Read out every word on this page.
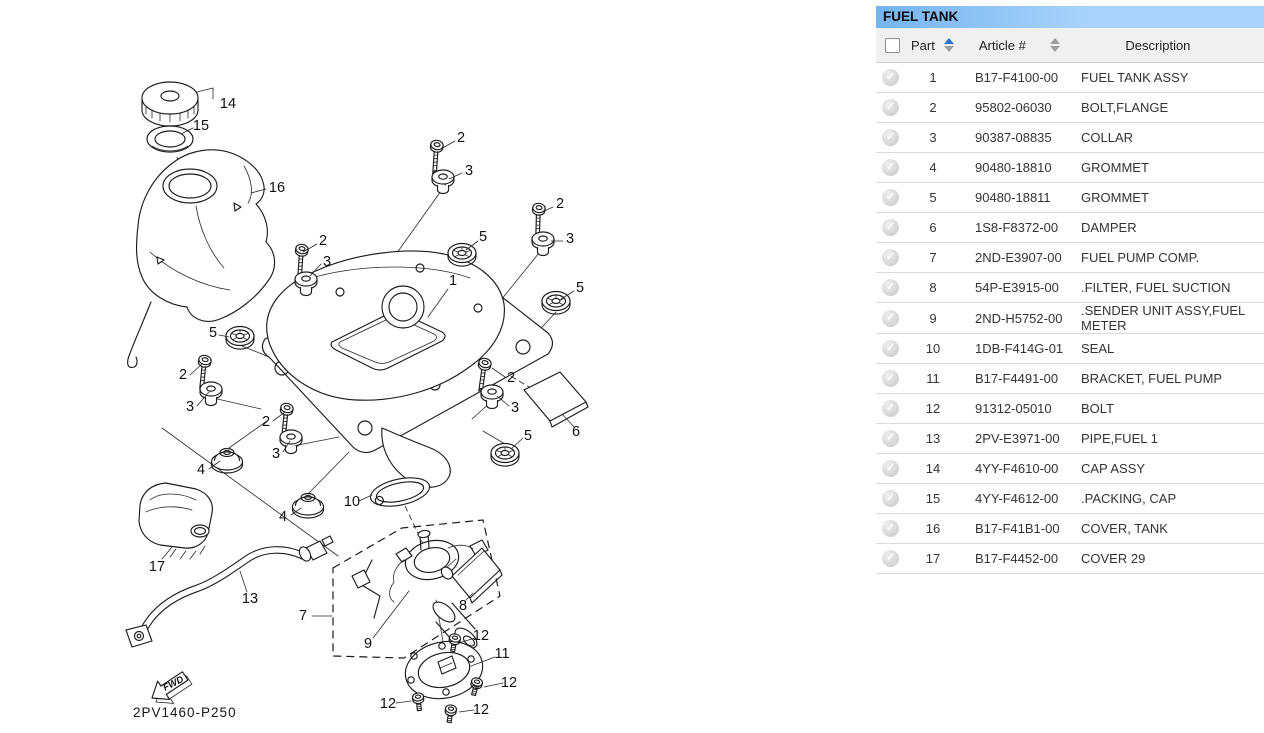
FWD
2PV1460-P250
14
15
16
2
3
2
3
2
3
5
5
1
5
2
3
2
3
2
3
5	6
4
4
10
17
13
7
9
8
11
12
12
12	12
FUEL TANK
Part	Article #	Description
✓	1	B17-F4100-00	FUEL TANK ASSY
✓	2	95802-06030	BOLT,FLANGE
✓	3	90387-08835	COLLAR
✓	4	90480-18810	GROMMET
✓	5	90480-18811	GROMMET
✓	6	1S8-F8372-00	DAMPER
✓	7	2ND-E3907-00	FUEL PUMP COMP.
✓	8	54P-E3915-00	.FILTER, FUEL SUCTION
✓	9	2ND-H5752-00	.SENDER UNIT ASSY,FUEL METER
✓	10	1DB-F414G-01	SEAL
✓	11	B17-F4491-00	BRACKET, FUEL PUMP
✓	12	91312-05010	BOLT
✓	13	2PV-E3971-00	PIPE,FUEL 1
✓	14	4YY-F4610-00	CAP ASSY
✓	15	4YY-F4612-00	.PACKING, CAP
✓	16	B17-F41B1-00	COVER, TANK
✓	17	B17-F4452-00	COVER 29
